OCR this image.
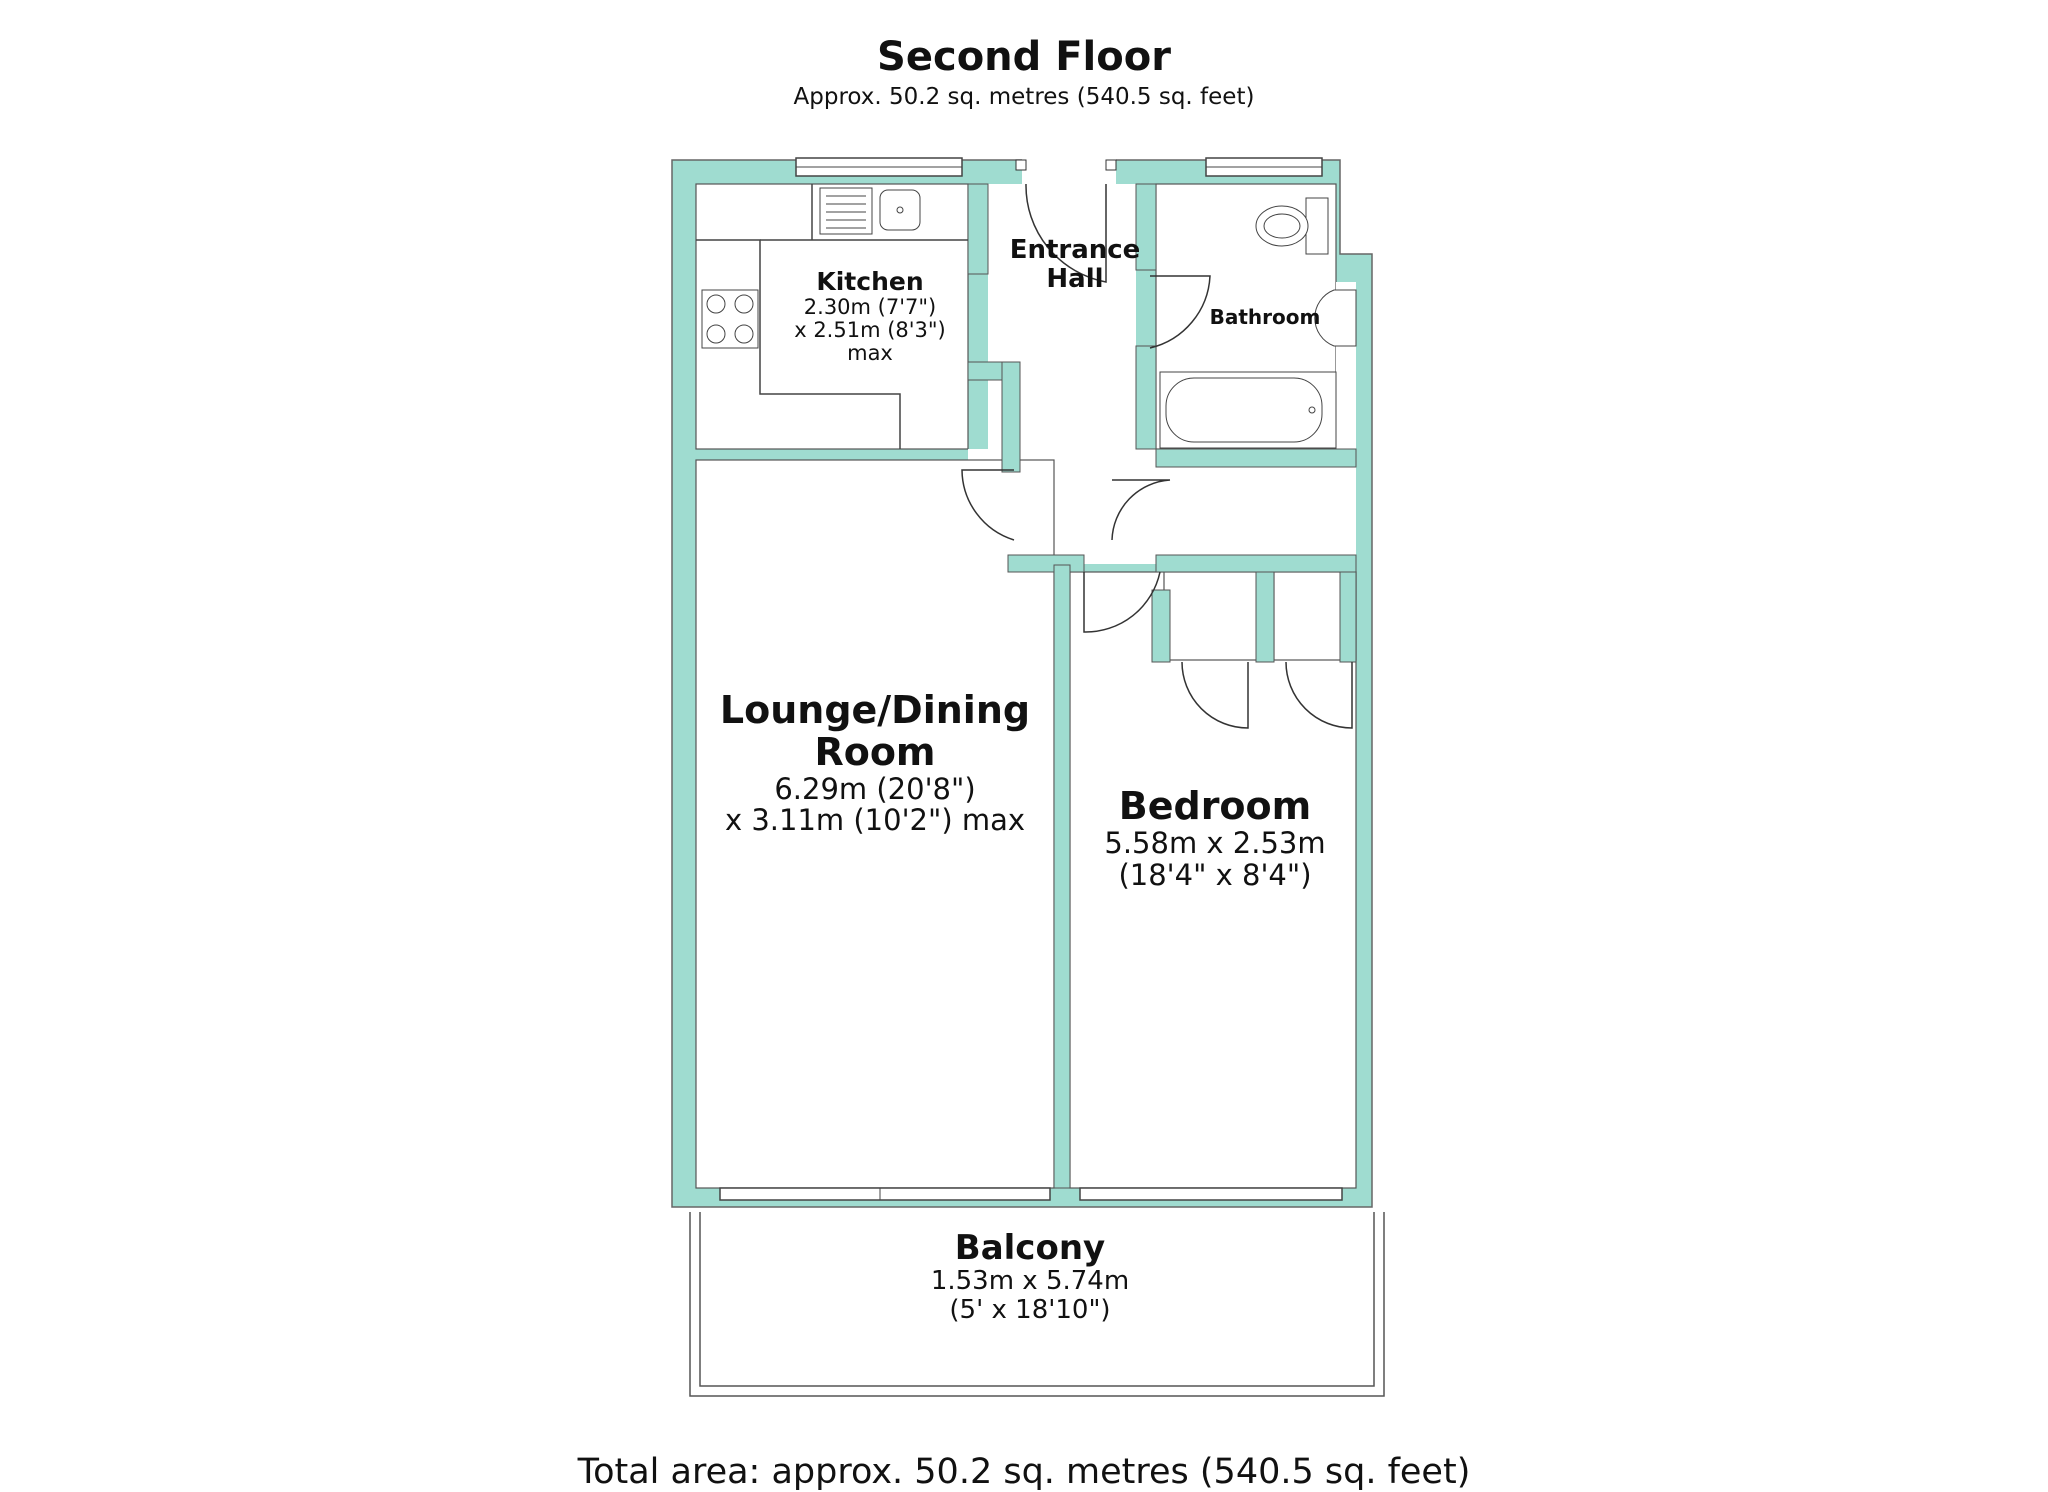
Second Floor
Approx. 50.2 sq. metres (540.5 sq. feet)
Kitchen
2.30m (7'7")
x 2.51m (8'3") max
Entrance
Hall
Bathroom
Lounge/Dining
Room
6.29m (20'8")
x 3.11m (10'2") max	Bedroom
5.58m x 2.53m
(18'4" x 8'4")
Balcony
1.53m x 5.74m
(5' x 18'10")
Total area: approx. 50.2 sq. metres (540.5 sq. feet)
